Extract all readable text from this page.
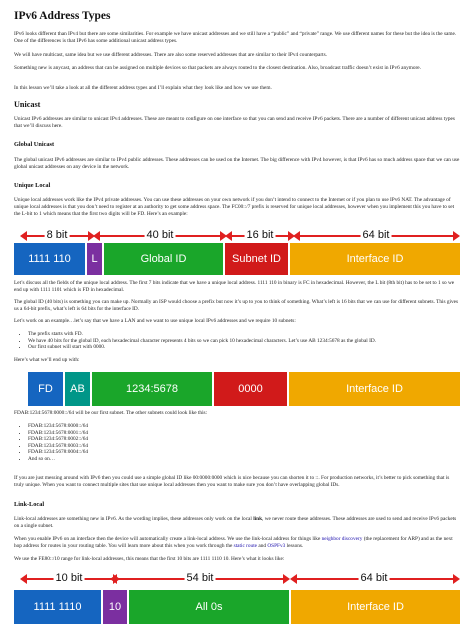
IPv6 Address Types

IPv6 looks different than IPv4 but there are some similarities. For example we have unicast addresses and we still have a “public” and “private” range. We use different names for these but the idea is the same. One of the differences is that IPv6 has some additional unicast address types.

We will have multicast, same idea but we use different addresses. There are also some reserved addresses that are similar to their IPv4 counterparts.

Something new is anycast, an address that can be assigned on multiple devices so that packets are always routed to the closest destination. Also, broadcast traffic doesn’t exist in IPv6 anymore.

In this lesson we’ll take a look at all the different address types and I’ll explain what they look like and how we use them.

Unicast

Unicast IPv6 addresses are similar to unicast IPv4 addresses. These are meant to configure on one interface so that you can send and receive IPv6 packets. There are a number of different unicast address types that we’ll discuss here.

Global Unicast

The global unicast IPv6 addresses are similar to IPv4 public addresses. These addresses can be used on the Internet. The big difference with IPv4 however, is that IPv6 has so much address space that we can use global unicast addresses on any device in the network.

Unique Local

Unique local addresses work like the IPv4 private addresses. You can use these addresses on your own network if you don’t intend to connect to the Internet or if you plan to use IPv6 NAT. The advantage of unique local addresses is that you don’t need to register at an authority to get some address space. The FC00::/7 prefix is reserved for unique local addresses, however when you implement this you have to set the L-bit to 1 which means that the first two digits will be FD. Here’s an example:

8 bit	40 bit	16 bit	64 bit
1111 110	L	Global ID	Subnet ID	Interface ID

Let’s discuss all the fields of the unique local address. The first 7 bits indicate that we have a unique local address. 1111 110 in binary is FC in hexadecimal. However, the L bit (8th bit) has to be set to 1 so we end up with 1111 1101 which is FD in hexadecimal.

The global ID (40 bits) is something you can make up. Normally an ISP would choose a prefix but now it’s up to you to think of something. What’s left is 16 bits that we can use for different subnets. This gives us a 64-bit prefix, what’s left is 64 bits for the interface ID.

Let’s work on an example…let’s say that we have a LAN and we want to use unique local IPv6 addresses and we require 10 subnets:

• The prefix starts with FD.
• We have 40 bits for the global ID, each hexadecimal character represents 4 bits so we can pick 10 hexadecimal characters. Let’s use AB 1234:5678 as the global ID.
• Our first subnet will start with 0000.

Here’s what we’ll end up with:

FD	AB	1234:5678	0000	Interface ID

FDAB:1234:5678:0000::/64 will be our first subnet. The other subnets could look like this:

• FDAB:1234:5678:0000::/64
• FDAB:1234:5678:0001::/64
• FDAB:1234:5678:0002::/64
• FDAB:1234:5678:0003::/64
• FDAB:1234:5678:0004::/64
• And so on…

If you are just messing around with IPv6 then you could use a simple global ID like 00:0000:0000 which is nice because you can shorten it to ::. For production networks, it’s better to pick something that is truly unique. When you want to connect multiple sites that use unique local addresses then you want to make sure you don’t have overlapping global IDs.

Link-Local

Link-local addresses are something new in IPv6. As the wording implies, these addresses only work on the local link, we never route these addresses. These addresses are used to send and receive IPv6 packets on a single subnet.

When you enable IPv6 on an interface then the device will automatically create a link-local address. We use the link-local address for things like neighbor discovery (the replacement for ARP) and as the next hop address for routes in your routing table. You will learn more about this when you work through the static route and OSPFv3 lessons.

We use the FE80::/10 range for link-local addresses, this means that the first 10 bits are 1111 1110 10. Here’s what it looks like:

10 bit	54 bit	64 bit
1111 1110	10	All 0s	Interface ID
